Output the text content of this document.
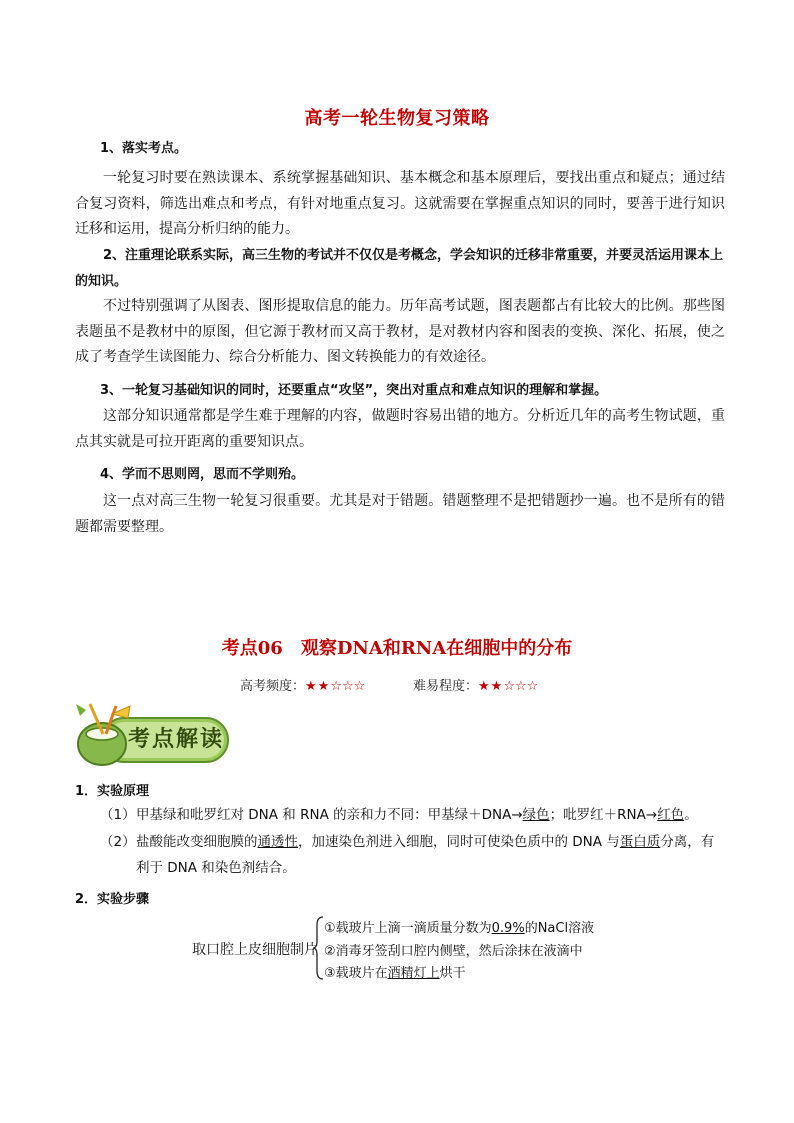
高考一轮生物复习策略
1、落实考点。
一轮复习时要在熟读课本、系统掌握基础知识、基本概念和基本原理后，要找出重点和疑点；通过结合复习资料，筛选出难点和考点，有针对地重点复习。这就需要在掌握重点知识的同时，要善于进行知识迁移和运用，提高分析归纳的能力。
2、注重理论联系实际，高三生物的考试并不仅仅是考概念，学会知识的迁移非常重要，并要灵活运用课本上的知识。
不过特别强调了从图表、图形提取信息的能力。历年高考试题，图表题都占有比较大的比例。那些图表题虽不是教材中的原图，但它源于教材而又高于教材，是对教材内容和图表的变换、深化、拓展，使之成了考查学生读图能力、综合分析能力、图文转换能力的有效途径。
3、一轮复习基础知识的同时，还要重点“攻坚”，突出对重点和难点知识的理解和掌握。
这部分知识通常都是学生难于理解的内容，做题时容易出错的地方。分析近几年的高考生物试题，重点其实就是可拉开距离的重要知识点。
4、学而不思则罔，思而不学则殆。
这一点对高三生物一轮复习很重要。尤其是对于错题。错题整理不是把错题抄一遍。也不是所有的错题都需要整理。
考点06　观察DNA和RNA在细胞中的分布
高考频度：★★☆☆☆	难易程度：★★☆☆☆
考点解读
1．实验原理
（1）甲基绿和吡罗红对 DNA 和 RNA 的亲和力不同：甲基绿＋DNA→绿色；吡罗红＋RNA→红色。
（2）盐酸能改变细胞膜的通透性，加速染色剂进入细胞，同时可使染色质中的 DNA 与蛋白质分离，有
利于 DNA 和染色剂结合。
2．实验步骤
取口腔上皮细胞制片
①载玻片上滴一滴质量分数为0.9%的NaCl溶液
②消毒牙签刮口腔内侧壁，然后涂抹在液滴中
③载玻片在酒精灯上烘干
